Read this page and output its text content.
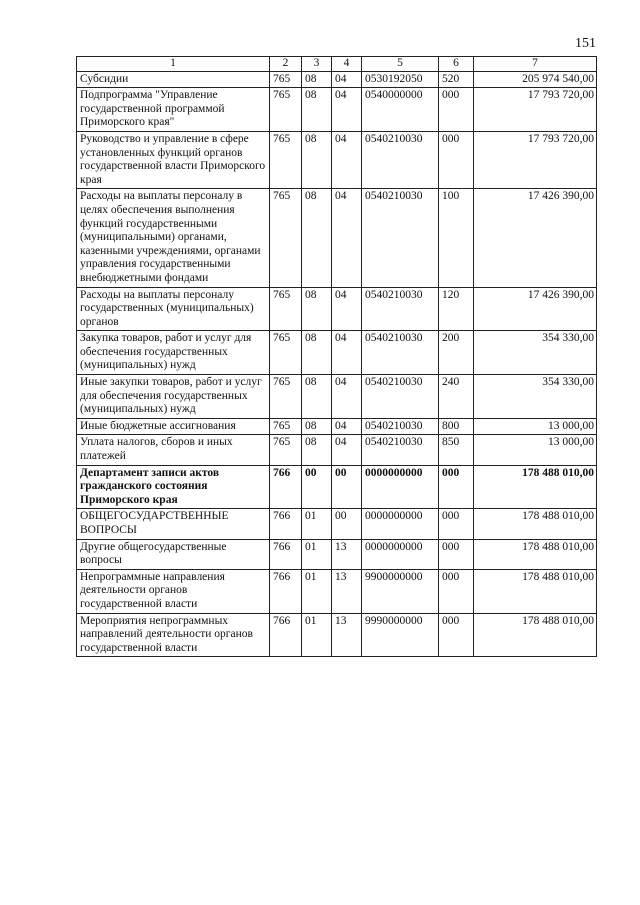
151
1	2	3	4	5	6	7
Субсидии	765	08	04	0530192050	520	205 974 540,00
Подпрограмма "Управление государственной программой Приморского края"	765	08	04	0540000000	000	17 793 720,00
Руководство и управление в сфере установленных функций органов государственной власти Приморского края	765	08	04	0540210030	000	17 793 720,00
Расходы на выплаты персоналу в целях обеспечения выполнения функций государственными (муниципальными) органами, казенными учреждениями, органами управления государственными внебюджетными фондами	765	08	04	0540210030	100	17 426 390,00
Расходы на выплаты персоналу государственных (муниципальных) органов	765	08	04	0540210030	120	17 426 390,00
Закупка товаров, работ и услуг для обеспечения государственных (муниципальных) нужд	765	08	04	0540210030	200	354 330,00
Иные закупки товаров, работ и услуг для обеспечения государственных (муниципальных) нужд	765	08	04	0540210030	240	354 330,00
Иные бюджетные ассигнования	765	08	04	0540210030	800	13 000,00
Уплата налогов, сборов и иных платежей	765	08	04	0540210030	850	13 000,00
Департамент записи актов гражданского состояния Приморского края	766	00	00	0000000000	000	178 488 010,00
ОБЩЕГОСУДАРСТВЕННЫЕ ВОПРОСЫ	766	01	00	0000000000	000	178 488 010,00
Другие общегосударственные вопросы	766	01	13	0000000000	000	178 488 010,00
Непрограммные направления деятельности органов государственной власти	766	01	13	9900000000	000	178 488 010,00
Мероприятия непрограммных направлений деятельности органов государственной власти	766	01	13	9990000000	000	178 488 010,00
